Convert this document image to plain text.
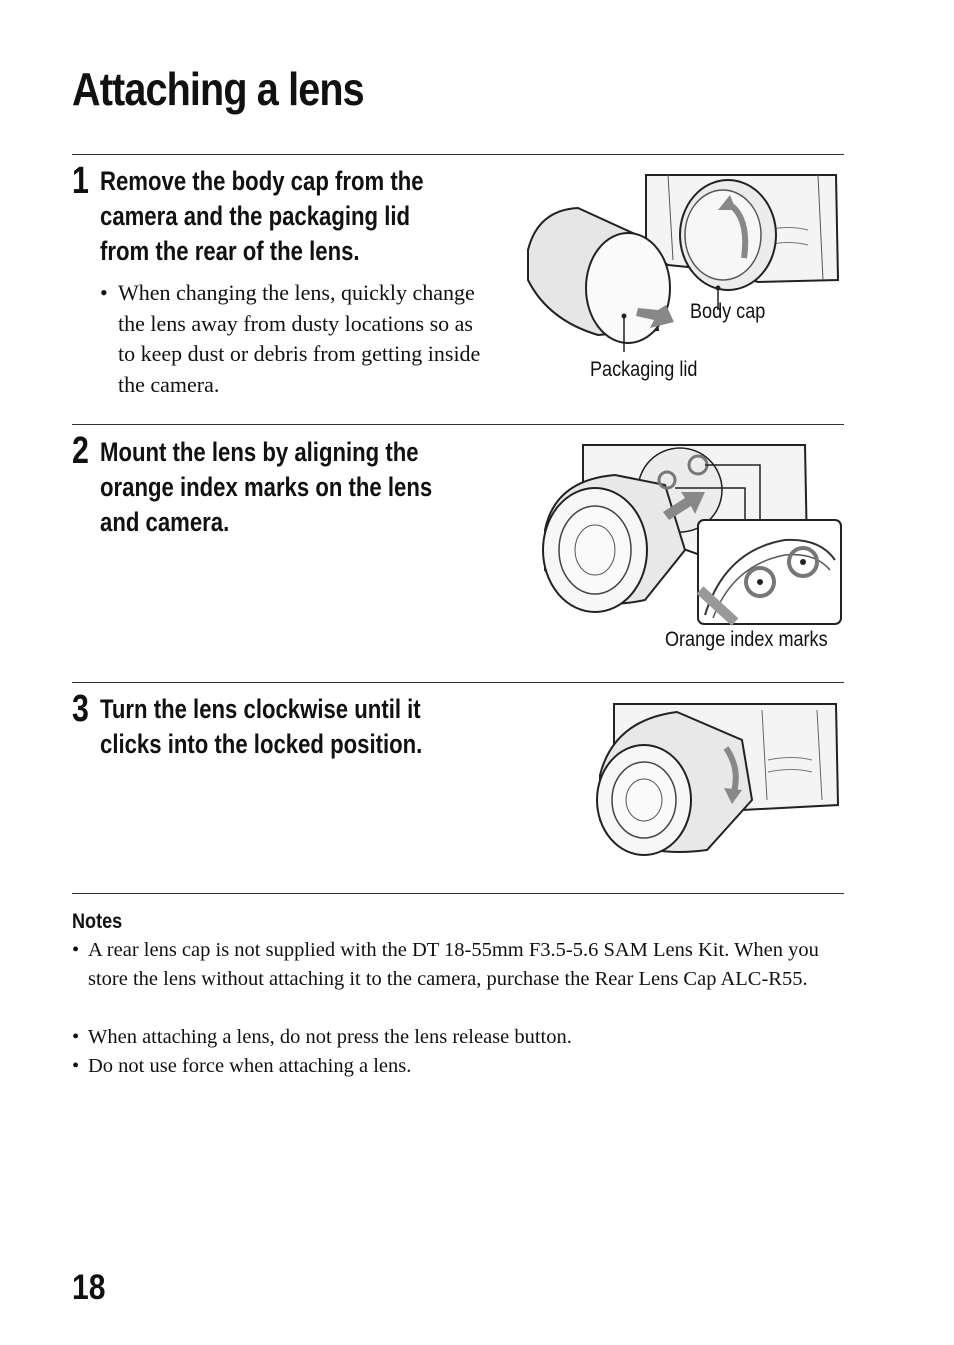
Attaching a lens
1 Remove the body cap from the
camera and the packaging lid
from the rear of the lens.
• When changing the lens, quickly change the lens away from dusty locations so as to keep dust or debris from getting inside the camera.
Body cap
Packaging lid
2 Mount the lens by aligning the
orange index marks on the lens
and camera.
Orange index marks
3 Turn the lens clockwise until it
clicks into the locked position.
Notes
• A rear lens cap is not supplied with the DT 18-55mm F3.5-5.6 SAM Lens Kit. When you store the lens without attaching it to the camera, purchase the Rear Lens Cap ALC-R55.
• When attaching a lens, do not press the lens release button.
• Do not use force when attaching a lens.
18
